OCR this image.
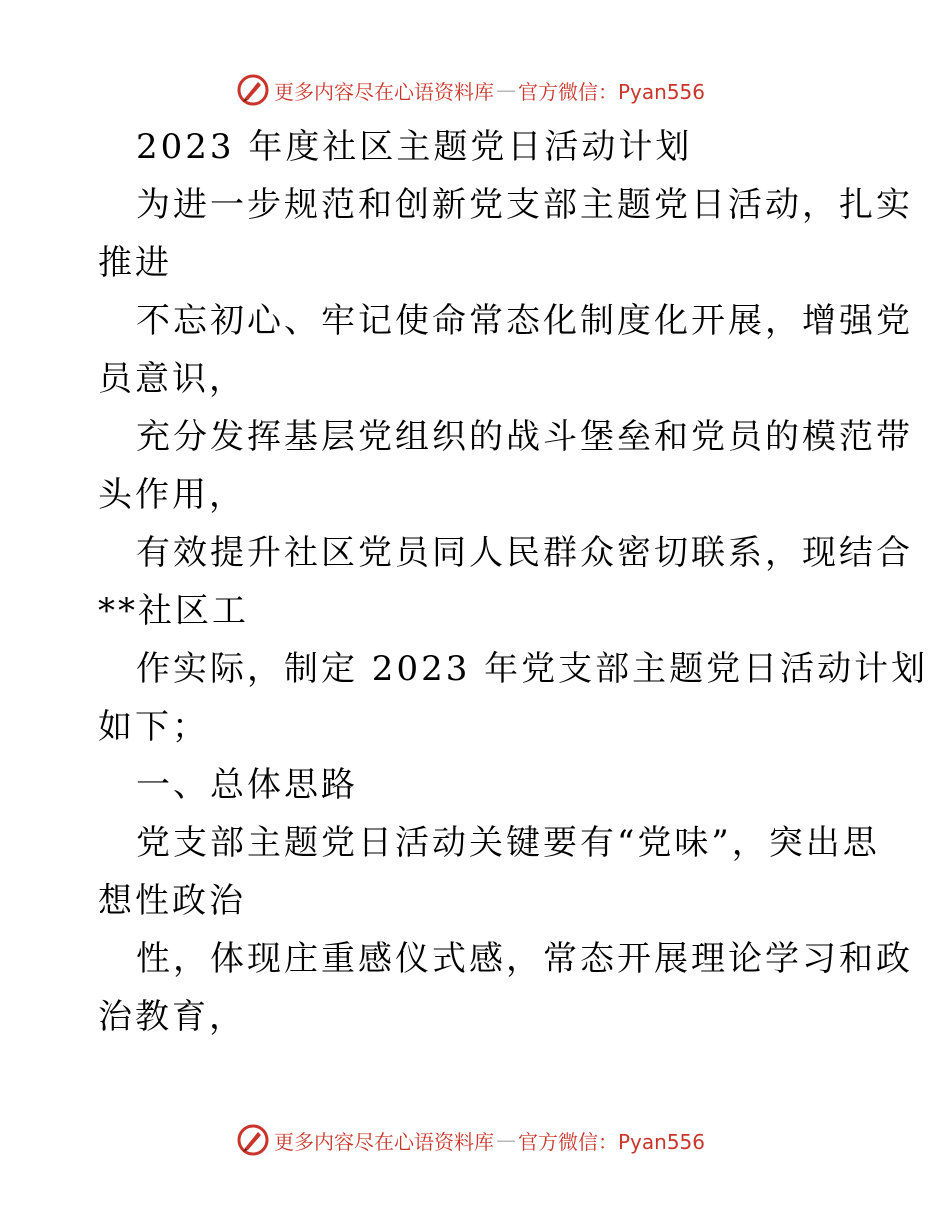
更多内容尽在心语资料库 — 官方微信：Pyan556
2023 年度社区主题党日活动计划
为进一步规范和创新党支部主题党日活动，扎实
推进
不忘初心、牢记使命常态化制度化开展，增强党
员意识，
充分发挥基层党组织的战斗堡垒和党员的模范带
头作用，
有效提升社区党员同人民群众密切联系，现结合
**社区工
作实际，制定 2023 年党支部主题党日活动计划
如下；
一、总体思路
党支部主题党日活动关键要有“党味”，突出思
想性政治
性，体现庄重感仪式感，常态开展理论学习和政
治教育，
更多内容尽在心语资料库 — 官方微信：Pyan556
